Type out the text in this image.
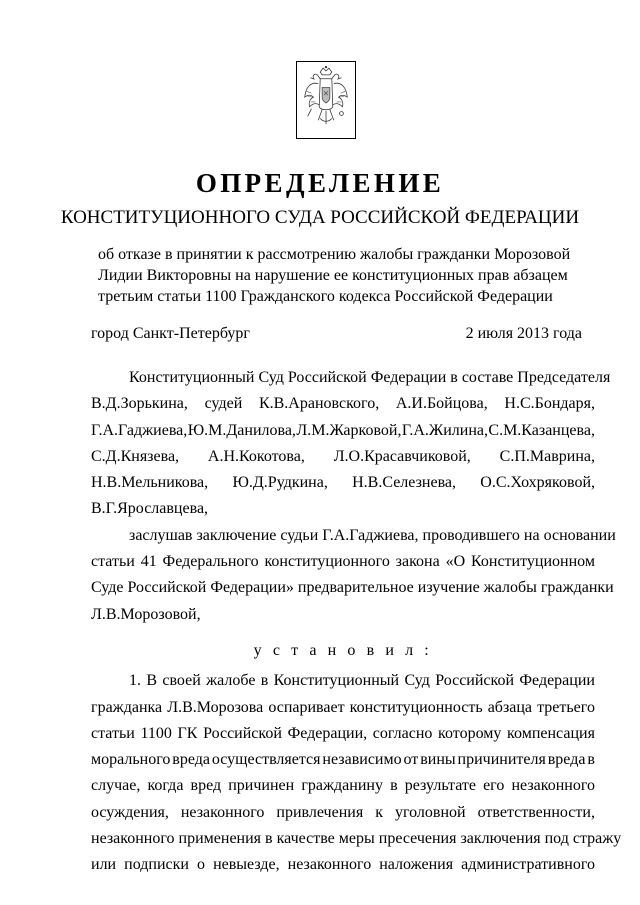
ОПРЕДЕЛЕНИЕ
КОНСТИТУЦИОННОГО СУДА РОССИЙСКОЙ ФЕДЕРАЦИИ
об отказе в принятии к рассмотрению жалобы гражданки Морозовой
Лидии Викторовны на нарушение ее конституционных прав абзацем
третьим статьи 1100 Гражданского кодекса Российской Федерации
город Санкт-Петербург	2 июля 2013 года
Конституционный Суд Российской Федерации в составе Председателя
В.Д.Зорькина, судей К.В.Арановского, А.И.Бойцова, Н.С.Бондаря,
Г.А.Гаджиева, Ю.М.Данилова, Л.М.Жарковой, Г.А.Жилина, С.М.Казанцева,
С.Д.Князева, А.Н.Кокотова, Л.О.Красавчиковой, С.П.Маврина,
Н.В.Мельникова, Ю.Д.Рудкина, Н.В.Селезнева, О.С.Хохряковой,
В.Г.Ярославцева,
заслушав заключение судьи Г.А.Гаджиева, проводившего на основании
статьи 41 Федерального конституционного закона «О Конституционном
Суде Российской Федерации» предварительное изучение жалобы гражданки
Л.В.Морозовой,
у с т а н о в и л :
1. В своей жалобе в Конституционный Суд Российской Федерации
гражданка Л.В.Морозова оспаривает конституционность абзаца третьего
статьи 1100 ГК Российской Федерации, согласно которому компенсация
морального вреда осуществляется независимо от вины причинителя вреда в
случае, когда вред причинен гражданину в результате его незаконного
осуждения, незаконного привлечения к уголовной ответственности,
незаконного применения в качестве меры пресечения заключения под стражу
или подписки о невыезде, незаконного наложения административного
